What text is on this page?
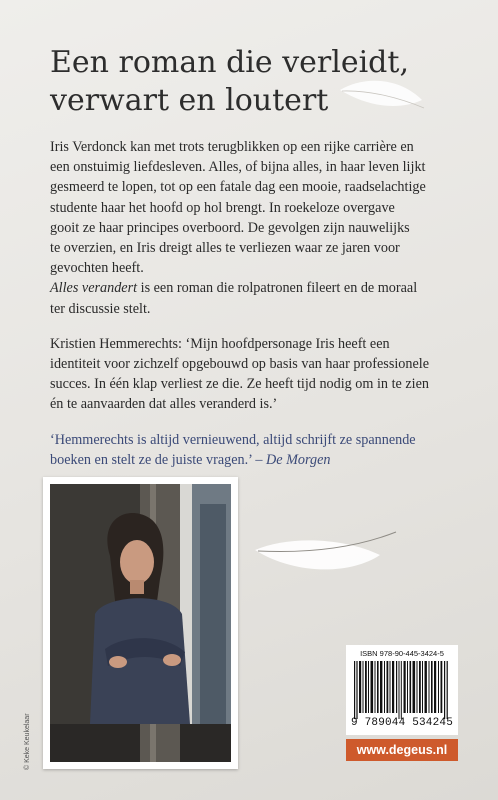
Een roman die verleidt,
verwart en loutert
Iris Verdonck kan met trots terugblikken op een rijke carrière en
een onstuimig liefdesleven. Alles, of bijna alles, in haar leven lijkt
gesmeerd te lopen, tot op een fatale dag een mooie, raadselachtige
studente haar het hoofd op hol brengt. In roekeloze overgave
gooit ze haar principes overboord. De gevolgen zijn nauwelijks
te overzien, en Iris dreigt alles te verliezen waar ze jaren voor
gevochten heeft.
Alles verandert is een roman die rolpatronen fileert en de moraal
ter discussie stelt.
Kristien Hemmerechts: ‘Mijn hoofdpersonage Iris heeft een
identiteit voor zichzelf opgebouwd op basis van haar professionele
succes. In één klap verliest ze die. Ze heeft tijd nodig om in te zien
én te aanvaarden dat alles veranderd is.’
‘Hemmerechts is altijd vernieuwend, altijd schrijft ze spannende
boeken en stelt ze de juiste vragen.’ – De Morgen
© Keke Keukelaar
ISBN 978-90-445-3424-5
9 789044 534245
www.degeus.nl
